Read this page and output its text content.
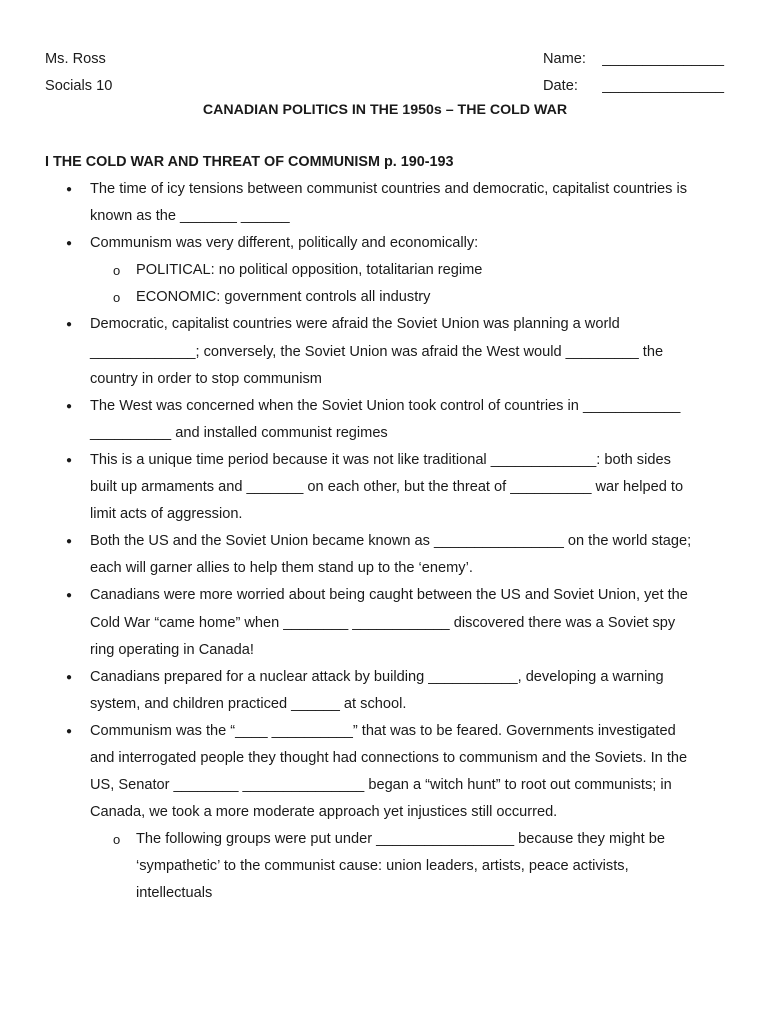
Ms. Ross
Socials 10
Name: _______________
Date: _______________
CANADIAN POLITICS IN THE 1950s – THE COLD WAR
I THE COLD WAR AND THREAT OF COMMUNISM p. 190-193
● The time of icy tensions between communist countries and democratic, capitalist countries is
known as the _______ ______
● Communism was very different, politically and economically:
o POLITICAL: no political opposition, totalitarian regime
o ECONOMIC: government controls all industry
● Democratic, capitalist countries were afraid the Soviet Union was planning a world
_____________; conversely, the Soviet Union was afraid the West would _________ the
country in order to stop communism
● The West was concerned when the Soviet Union took control of countries in ____________
__________ and installed communist regimes
● This is a unique time period because it was not like traditional _____________: both sides
built up armaments and _______ on each other, but the threat of __________ war helped to
limit acts of aggression.
● Both the US and the Soviet Union became known as ________________ on the world stage;
each will garner allies to help them stand up to the ‘enemy’.
● Canadians were more worried about being caught between the US and Soviet Union, yet the
Cold War “came home” when ________ ____________ discovered there was a Soviet spy
ring operating in Canada!
● Canadians prepared for a nuclear attack by building ___________, developing a warning
system, and children practiced ______ at school.
● Communism was the “____ __________” that was to be feared. Governments investigated
and interrogated people they thought had connections to communism and the Soviets. In the
US, Senator ________ _______________ began a “witch hunt” to root out communists; in
Canada, we took a more moderate approach yet injustices still occurred.
o The following groups were put under _________________ because they might be
‘sympathetic’ to the communist cause: union leaders, artists, peace activists,
intellectuals
